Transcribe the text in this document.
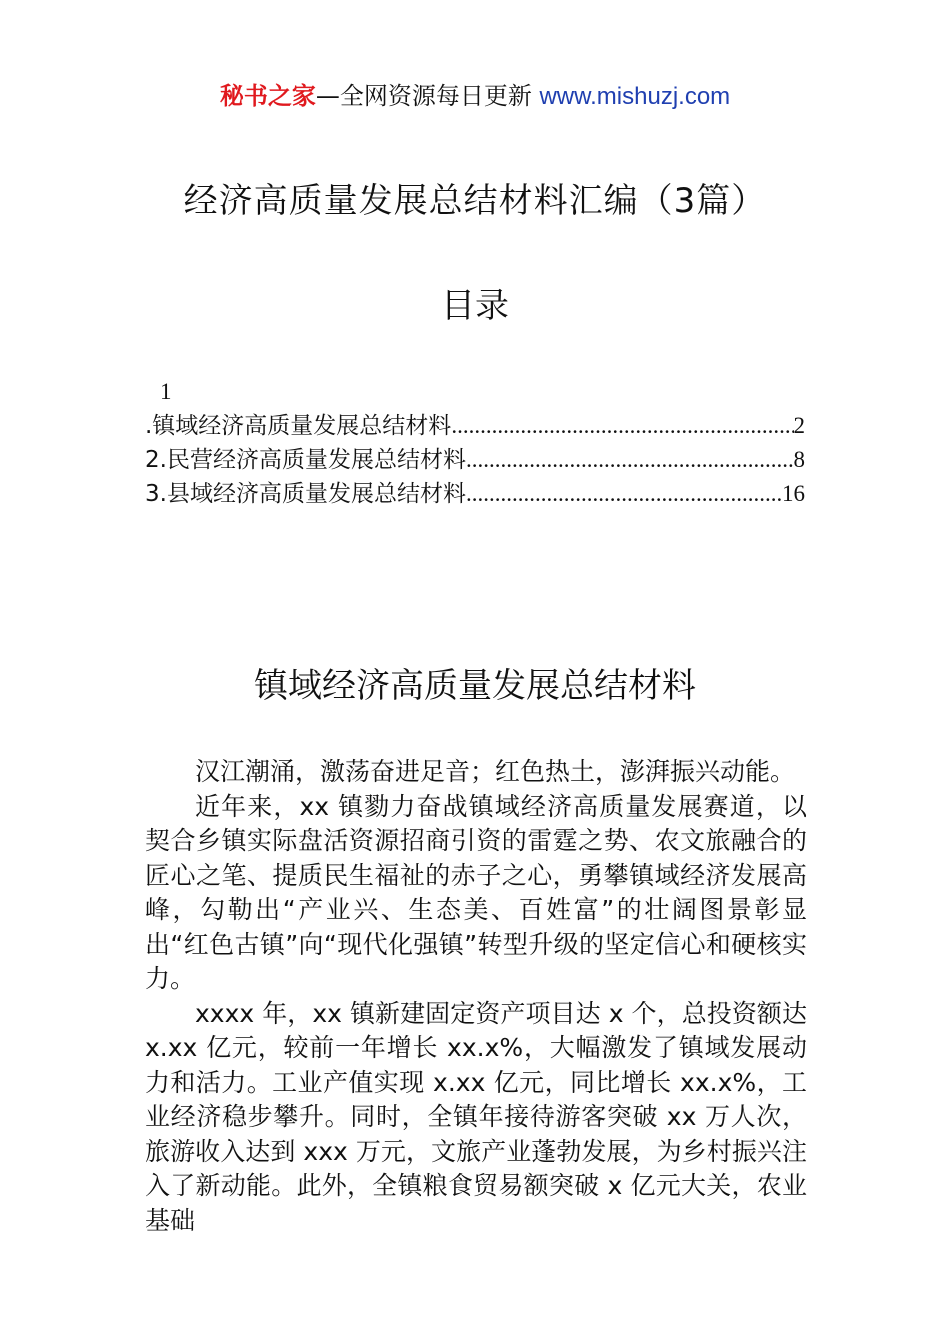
秘书之家—全网资源每日更新 www.mishuzj.com
经济高质量发展总结材料汇编（3篇）
目录
1
.镇域经济高质量发展总结材料 .....	2
2.民营经济高质量发展总结材料 .....	8
3.县域经济高质量发展总结材料 .....	16
镇域经济高质量发展总结材料

汉江潮涌，激荡奋进足音；红色热土，澎湃振兴动能。

近年来，xx 镇勠力奋战镇域经济高质量发展赛道，以契合乡镇实际盘活资源招商引资的雷霆之势、农文旅融合的匠心之笔、提质民生福祉的赤子之心，勇攀镇域经济发展高峰，勾勒出“产业兴、生态美、百姓富”的壮阔图景彰显出“红色古镇”向“现代化强镇”转型升级的坚定信心和硬核实力。

xxxx 年，xx 镇新建固定资产项目达 x 个，总投资额达 x.xx 亿元，较前一年增长 xx.x%，大幅激发了镇域发展动力和活力。工业产值实现 x.xx 亿元，同比增长 xx.x%，工业经济稳步攀升。同时，全镇年接待游客突破 xx 万人次，旅游收入达到 xxx 万元，文旅产业蓬勃发展，为乡村振兴注入了新动能。此外，全镇粮食贸易额突破 x 亿元大关，农业基础
